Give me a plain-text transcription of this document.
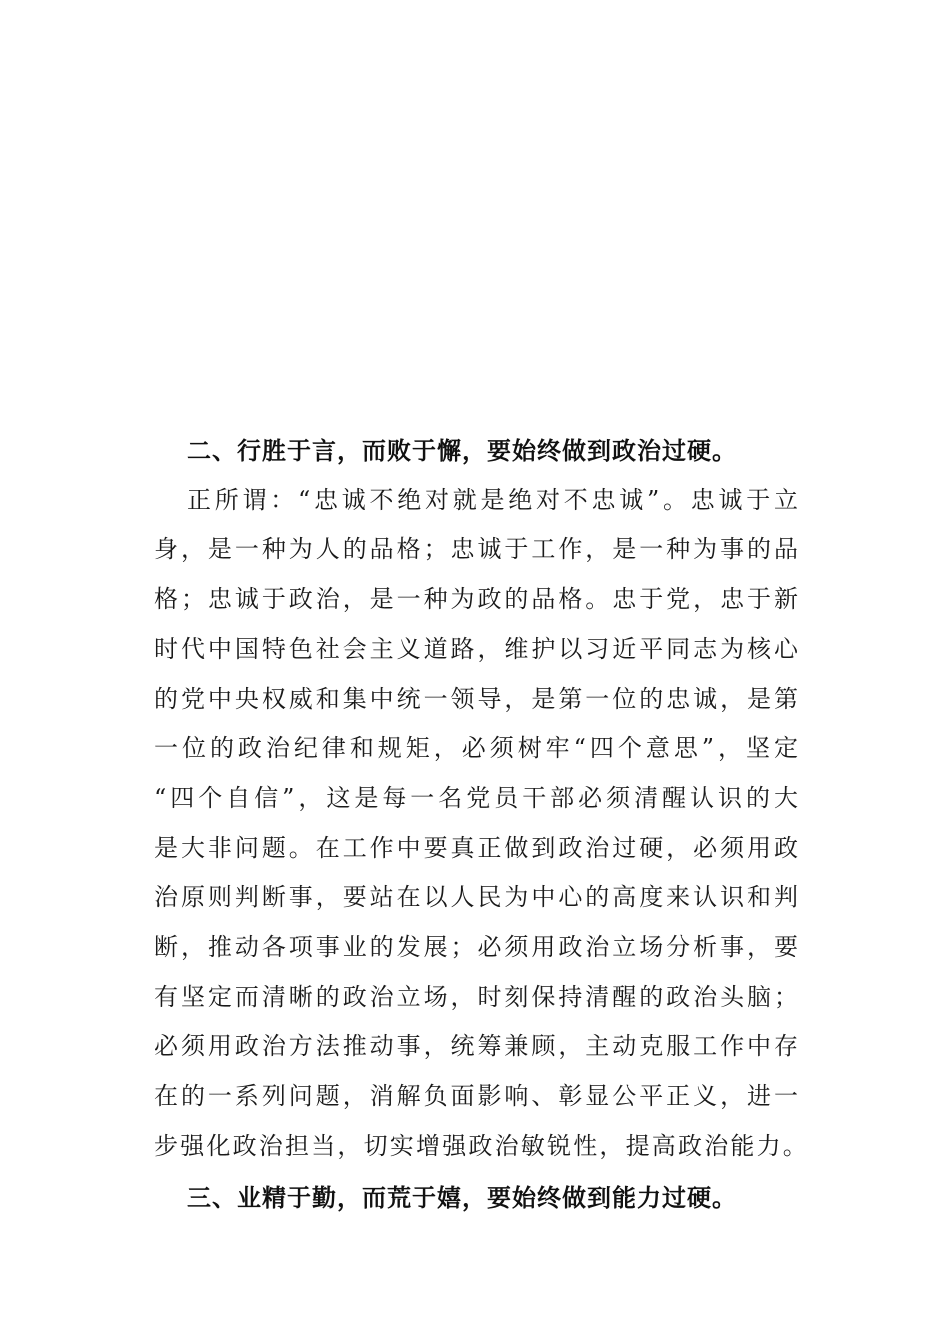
二、行胜于言，而败于懈，要始终做到政治过硬。
正所谓：“忠诚不绝对就是绝对不忠诚”。忠诚于立
身，是一种为人的品格；忠诚于工作，是一种为事的品
格；忠诚于政治，是一种为政的品格。忠于党，忠于新
时代中国特色社会主义道路，维护以习近平同志为核心
的党中央权威和集中统一领导，是第一位的忠诚，是第
一位的政治纪律和规矩，必须树牢“四个意思”，坚定
“四个自信”，这是每一名党员干部必须清醒认识的大
是大非问题。在工作中要真正做到政治过硬，必须用政
治原则判断事，要站在以人民为中心的高度来认识和判
断，推动各项事业的发展；必须用政治立场分析事，要
有坚定而清晰的政治立场，时刻保持清醒的政治头脑；
必须用政治方法推动事，统筹兼顾，主动克服工作中存
在的一系列问题，消解负面影响、彰显公平正义，进一
步强化政治担当，切实增强政治敏锐性，提高政治能力。
三、业精于勤，而荒于嬉，要始终做到能力过硬。
